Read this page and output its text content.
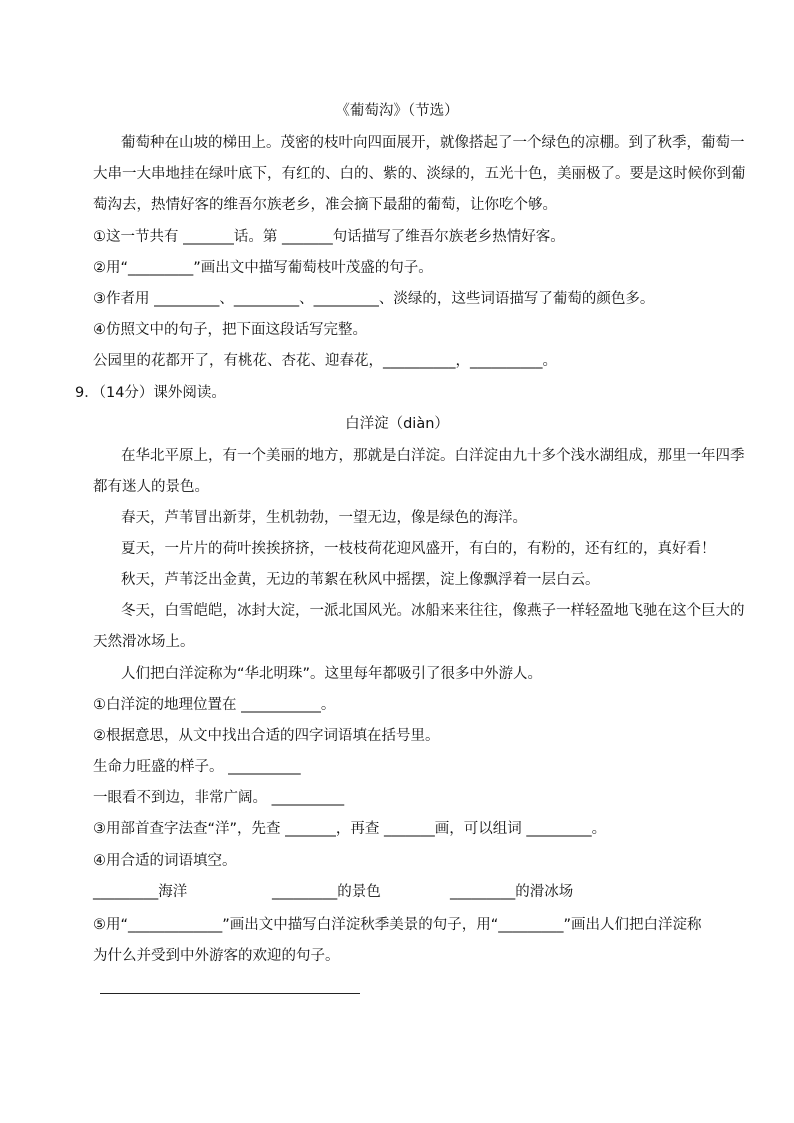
《葡萄沟》（节选）
葡萄种在山坡的梯田上。茂密的枝叶向四面展开，就像搭起了一个绿色的凉棚。到了秋季，葡萄一
大串一大串地挂在绿叶底下，有红的、白的、紫的、淡绿的，五光十色，美丽极了。要是这时候你到葡
萄沟去，热情好客的维吾尔族老乡，准会摘下最甜的葡萄，让你吃个够。
①这一节共有 _______话。第 _______句话描写了维吾尔族老乡热情好客。
②用“_________”画出文中描写葡萄枝叶茂盛的句子。
③作者用 _________、_________、_________、淡绿的，这些词语描写了葡萄的颜色多。
④仿照文中的句子，把下面这段话写完整。
公园里的花都开了，有桃花、杏花、迎春花，__________，__________。
9．（14分）课外阅读。
白洋淀（diàn）
在华北平原上，有一个美丽的地方，那就是白洋淀。白洋淀由九十多个浅水湖组成，那里一年四季
都有迷人的景色。
春天，芦苇冒出新芽，生机勃勃，一望无边，像是绿色的海洋。
夏天，一片片的荷叶挨挨挤挤，一枝枝荷花迎风盛开，有白的，有粉的，还有红的，真好看！
秋天，芦苇泛出金黄，无边的苇絮在秋风中摇摆，淀上像飘浮着一层白云。
冬天，白雪皑皑，冰封大淀，一派北国风光。冰船来来往往，像燕子一样轻盈地飞驰在这个巨大的
天然滑冰场上。
人们把白洋淀称为“华北明珠”。这里每年都吸引了很多中外游人。
①白洋淀的地理位置在 ___________。
②根据意思，从文中找出合适的四字词语填在括号里。
生命力旺盛的样子。 __________
一眼看不到边，非常广阔。 __________
③用部首查字法查“洋”，先查 _______，再查 _______画，可以组词 _________。
④用合适的词语填空。
_________海洋	_________的景色	_________的滑冰场
⑤用“_____________”画出文中描写白洋淀秋季美景的句子，用“_________”画出人们把白洋淀称
为什么并受到中外游客的欢迎的句子。
